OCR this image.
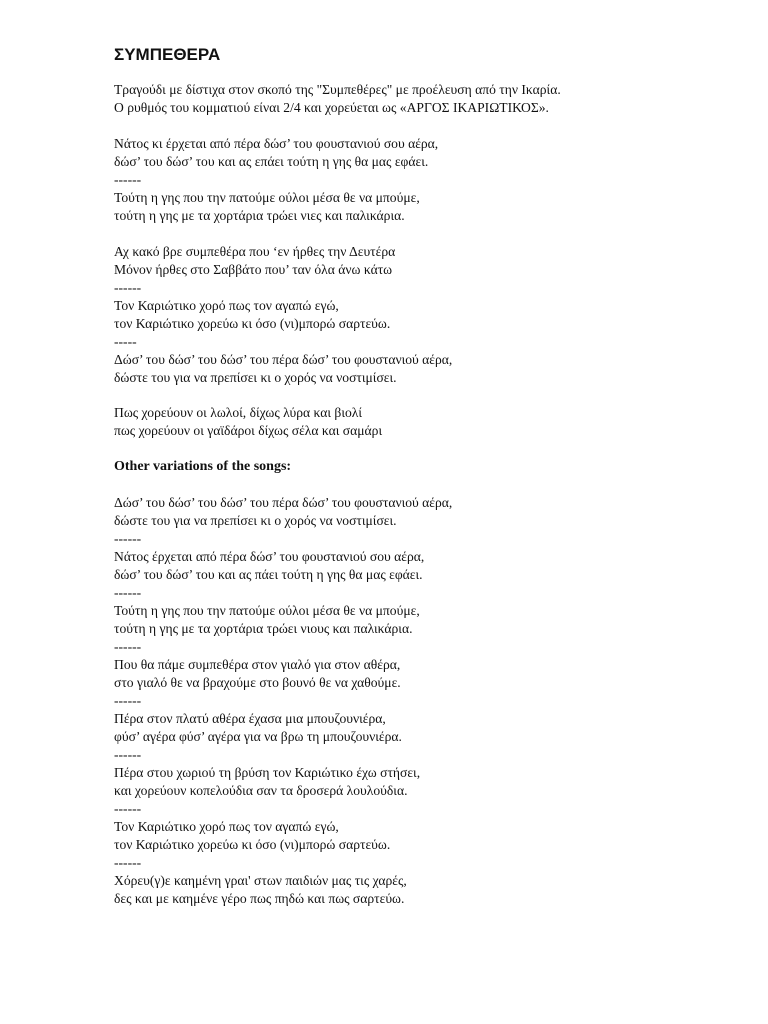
ΣΥΜΠΕΘΕΡΑ
Τραγούδι με δίστιχα στον σκοπό της "Συμπεθέρες" με προέλευση από την Ικαρία.
Ο ρυθμός του κομματιού είναι 2/4 και χορεύεται ως «ΑΡΓΟΣ ΙΚΑΡΙΩΤΙΚΟΣ».
Νάτος κι έρχεται από πέρα δώσ’ του φουστανιού σου αέρα,
δώσ’ του δώσ’ του και ας επάει τούτη η γης θα μας εφάει.
------
Τούτη η γης που την πατούμε ούλοι μέσα θε να μπούμε,
τούτη η γης με τα χορτάρια τρώει νιες και παλικάρια.
Αχ κακό βρε συμπεθέρα που ‘εν ήρθες την Δευτέρα
Μόνον ήρθες στο Σαββάτο που’ ταν όλα άνω κάτω
------
Τον Καριώτικο χορό πως τον αγαπώ εγώ,
τον Καριώτικο χορεύω κι όσο (νι)μπορώ σαρτεύω.
-----
Δώσ’ του δώσ’ του δώσ’ του πέρα δώσ’ του φουστανιού αέρα,
δώστε του για να πρεπίσει κι ο χορός να νοστιμίσει.
Πως χορεύουν οι λωλοί, δίχως λύρα και βιολί
πως χορεύουν οι γαϊδάροι δίχως σέλα και σαμάρι
Other variations of the songs:
Δώσ’ του δώσ’ του δώσ’ του πέρα δώσ’ του φουστανιού αέρα,
δώστε του για να πρεπίσει κι ο χορός να νοστιμίσει.
------
Νάτος έρχεται από πέρα δώσ’ του φουστανιού σου αέρα,
δώσ’ του δώσ’ του και ας πάει τούτη η γης θα μας εφάει.
------
Τούτη η γης που την πατούμε ούλοι μέσα θε να μπούμε,
τούτη η γης με τα χορτάρια τρώει νιους και παλικάρια.
------
Που θα πάμε συμπεθέρα στον γιαλό για στον αθέρα,
στο γιαλό θε να βραχούμε στο βουνό θε να χαθούμε.
------
Πέρα στον πλατύ αθέρα έχασα μια μπουζουνιέρα,
φύσ’ αγέρα φύσ’ αγέρα για να βρω τη μπουζουνιέρα.
------
Πέρα στου χωριού τη βρύση τον Καριώτικο έχω στήσει,
και χορεύουν κοπελούδια σαν τα δροσερά λουλούδια.
------
Τον Καριώτικο χορό πως τον αγαπώ εγώ,
τον Καριώτικο χορεύω κι όσο (νι)μπορώ σαρτεύω.
------
Χόρευ(γ)ε καημένη γραι' στων παιδιών μας τις χαρές,
δες και με καημένε γέρο πως πηδώ και πως σαρτεύω.
